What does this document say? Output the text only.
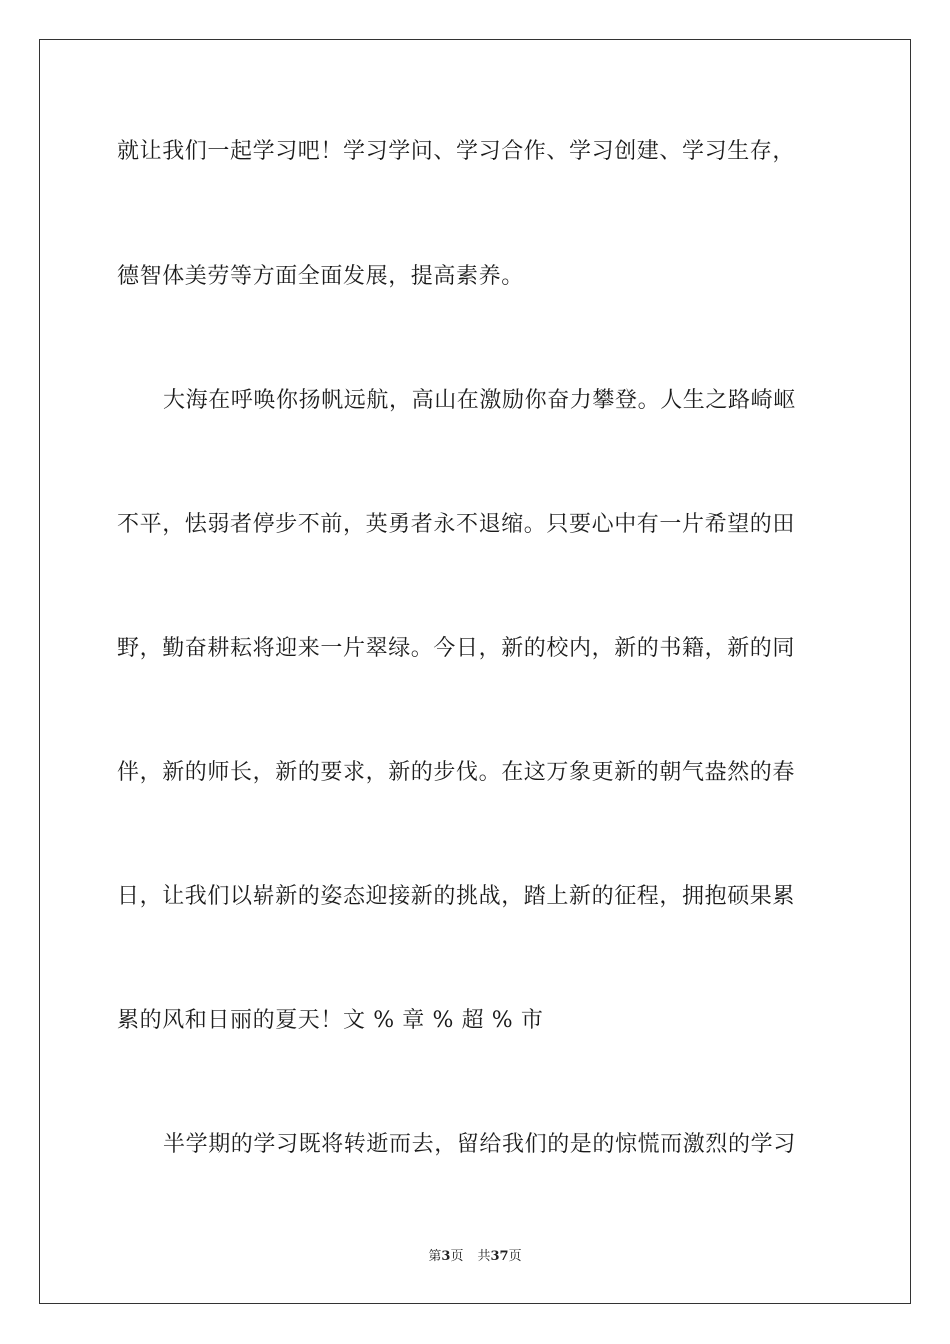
就让我们一起学习吧！学习学问、学习合作、学习创建、学习生存，
德智体美劳等方面全面发展，提高素养。
大海在呼唤你扬帆远航，高山在激励你奋力攀登。人生之路崎岖
不平，怯弱者停步不前，英勇者永不退缩。只要心中有一片希望的田
野，勤奋耕耘将迎来一片翠绿。今日，新的校内，新的书籍，新的同
伴，新的师长，新的要求，新的步伐。在这万象更新的朝气盎然的春
日，让我们以崭新的姿态迎接新的挑战，踏上新的征程，拥抱硕果累
累的风和日丽的夏天！文 % 章 % 超 % 市
半学期的学习既将转逝而去，留给我们的是的惊慌而激烈的学习
第3页 共37页
